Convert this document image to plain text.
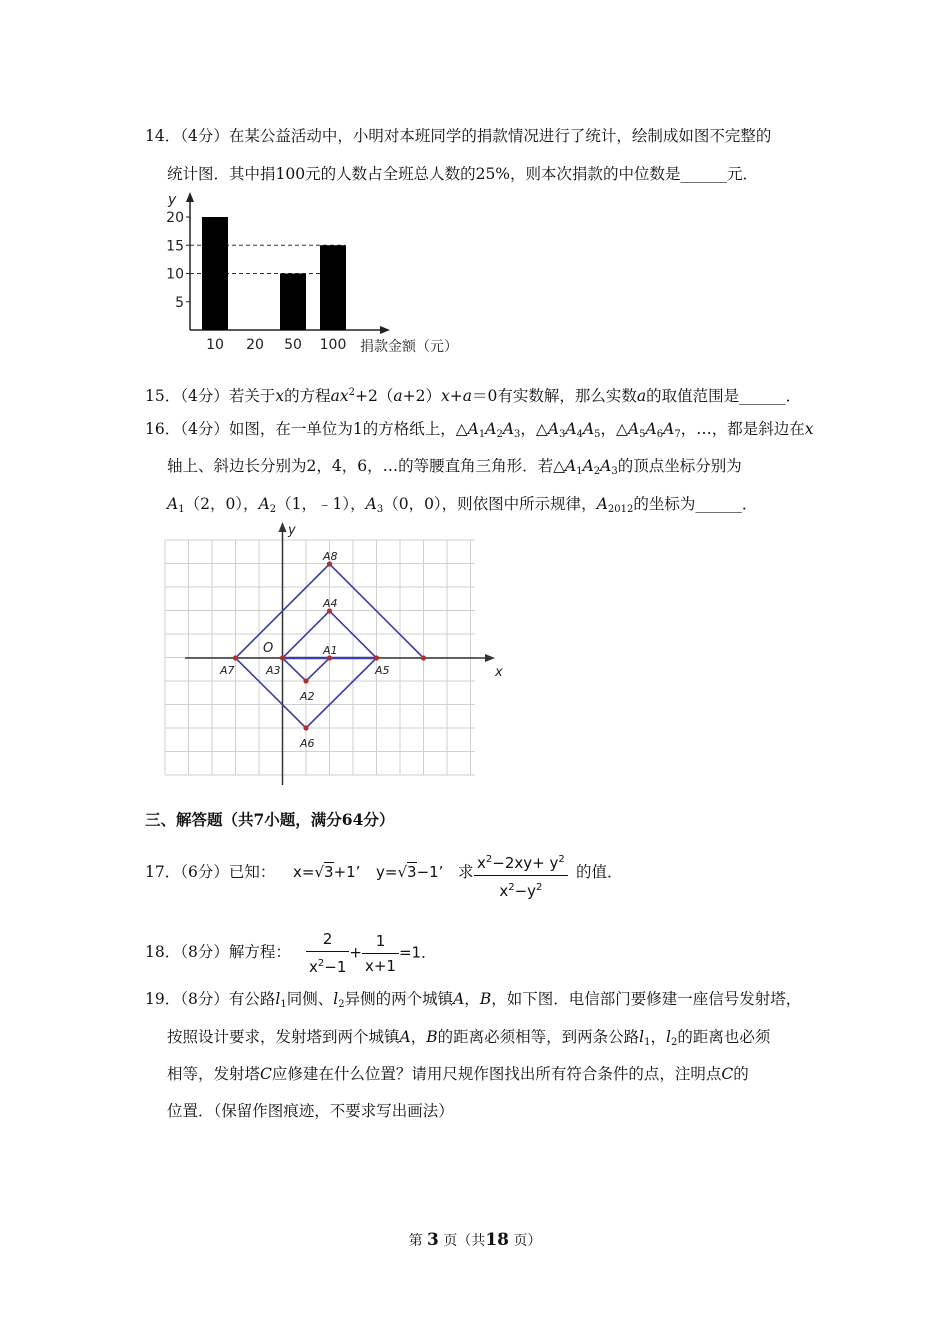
14．（4分）在某公益活动中，小明对本班同学的捐款情况进行了统计，绘制成如图不完整的
统计图．其中捐100元的人数占全班总人数的25%，则本次捐款的中位数是______元．
y
5
10
15
20
10 20 50 100 捐款金额（元）
15．（4分）若关于x的方程$ax^2+2(a+2)x+a=0$有实数解，那么实数a的取值范围是______．
16．（4分）如图，在一单位为1的方格纸上，$\triangle A_1A_2A_3$，$\triangle A_3A_4A_5$，$\triangle A_5A_6A_7$，…，都是斜边在x
轴上、斜边长分别为2，4，6，…的等腰直角三角形．若$\triangle A_1A_2A_3$的顶点坐标分别为
$A_1(2$，0），$A_2(1$，﹣1），$A_3(0$，0），则依图中所示规律，$A_{2012}$的坐标为______．
x
y
O	A1
A2
A3
A4
A5
A6
A7
A8
三、解答题（共7小题，满分64分）
17．（6分）已知： x=√3+1’ y=√3−1’ 求 $\frac{x^2-2xy+ y^2}{x^2-y^2}$ 的值．
18．（8分）解方程： $\frac{2}{x^2-1} + \frac{1}{x+1} =1$．
19．（8分）有公路$l_1$同侧、$l_2$异侧的两个城镇A，B，如下图．电信部门要修建一座信号发射塔，
按照设计要求，发射塔到两个城镇A，B的距离必须相等，到两条公路$l_1$，$l_2$的距离也必须
相等，发射塔C应修建在什么位置？请用尺规作图找出所有符合条件的点，注明点C的
位置．（保留作图痕迹，不要求写出画法）
第 3 页（共18 页）
